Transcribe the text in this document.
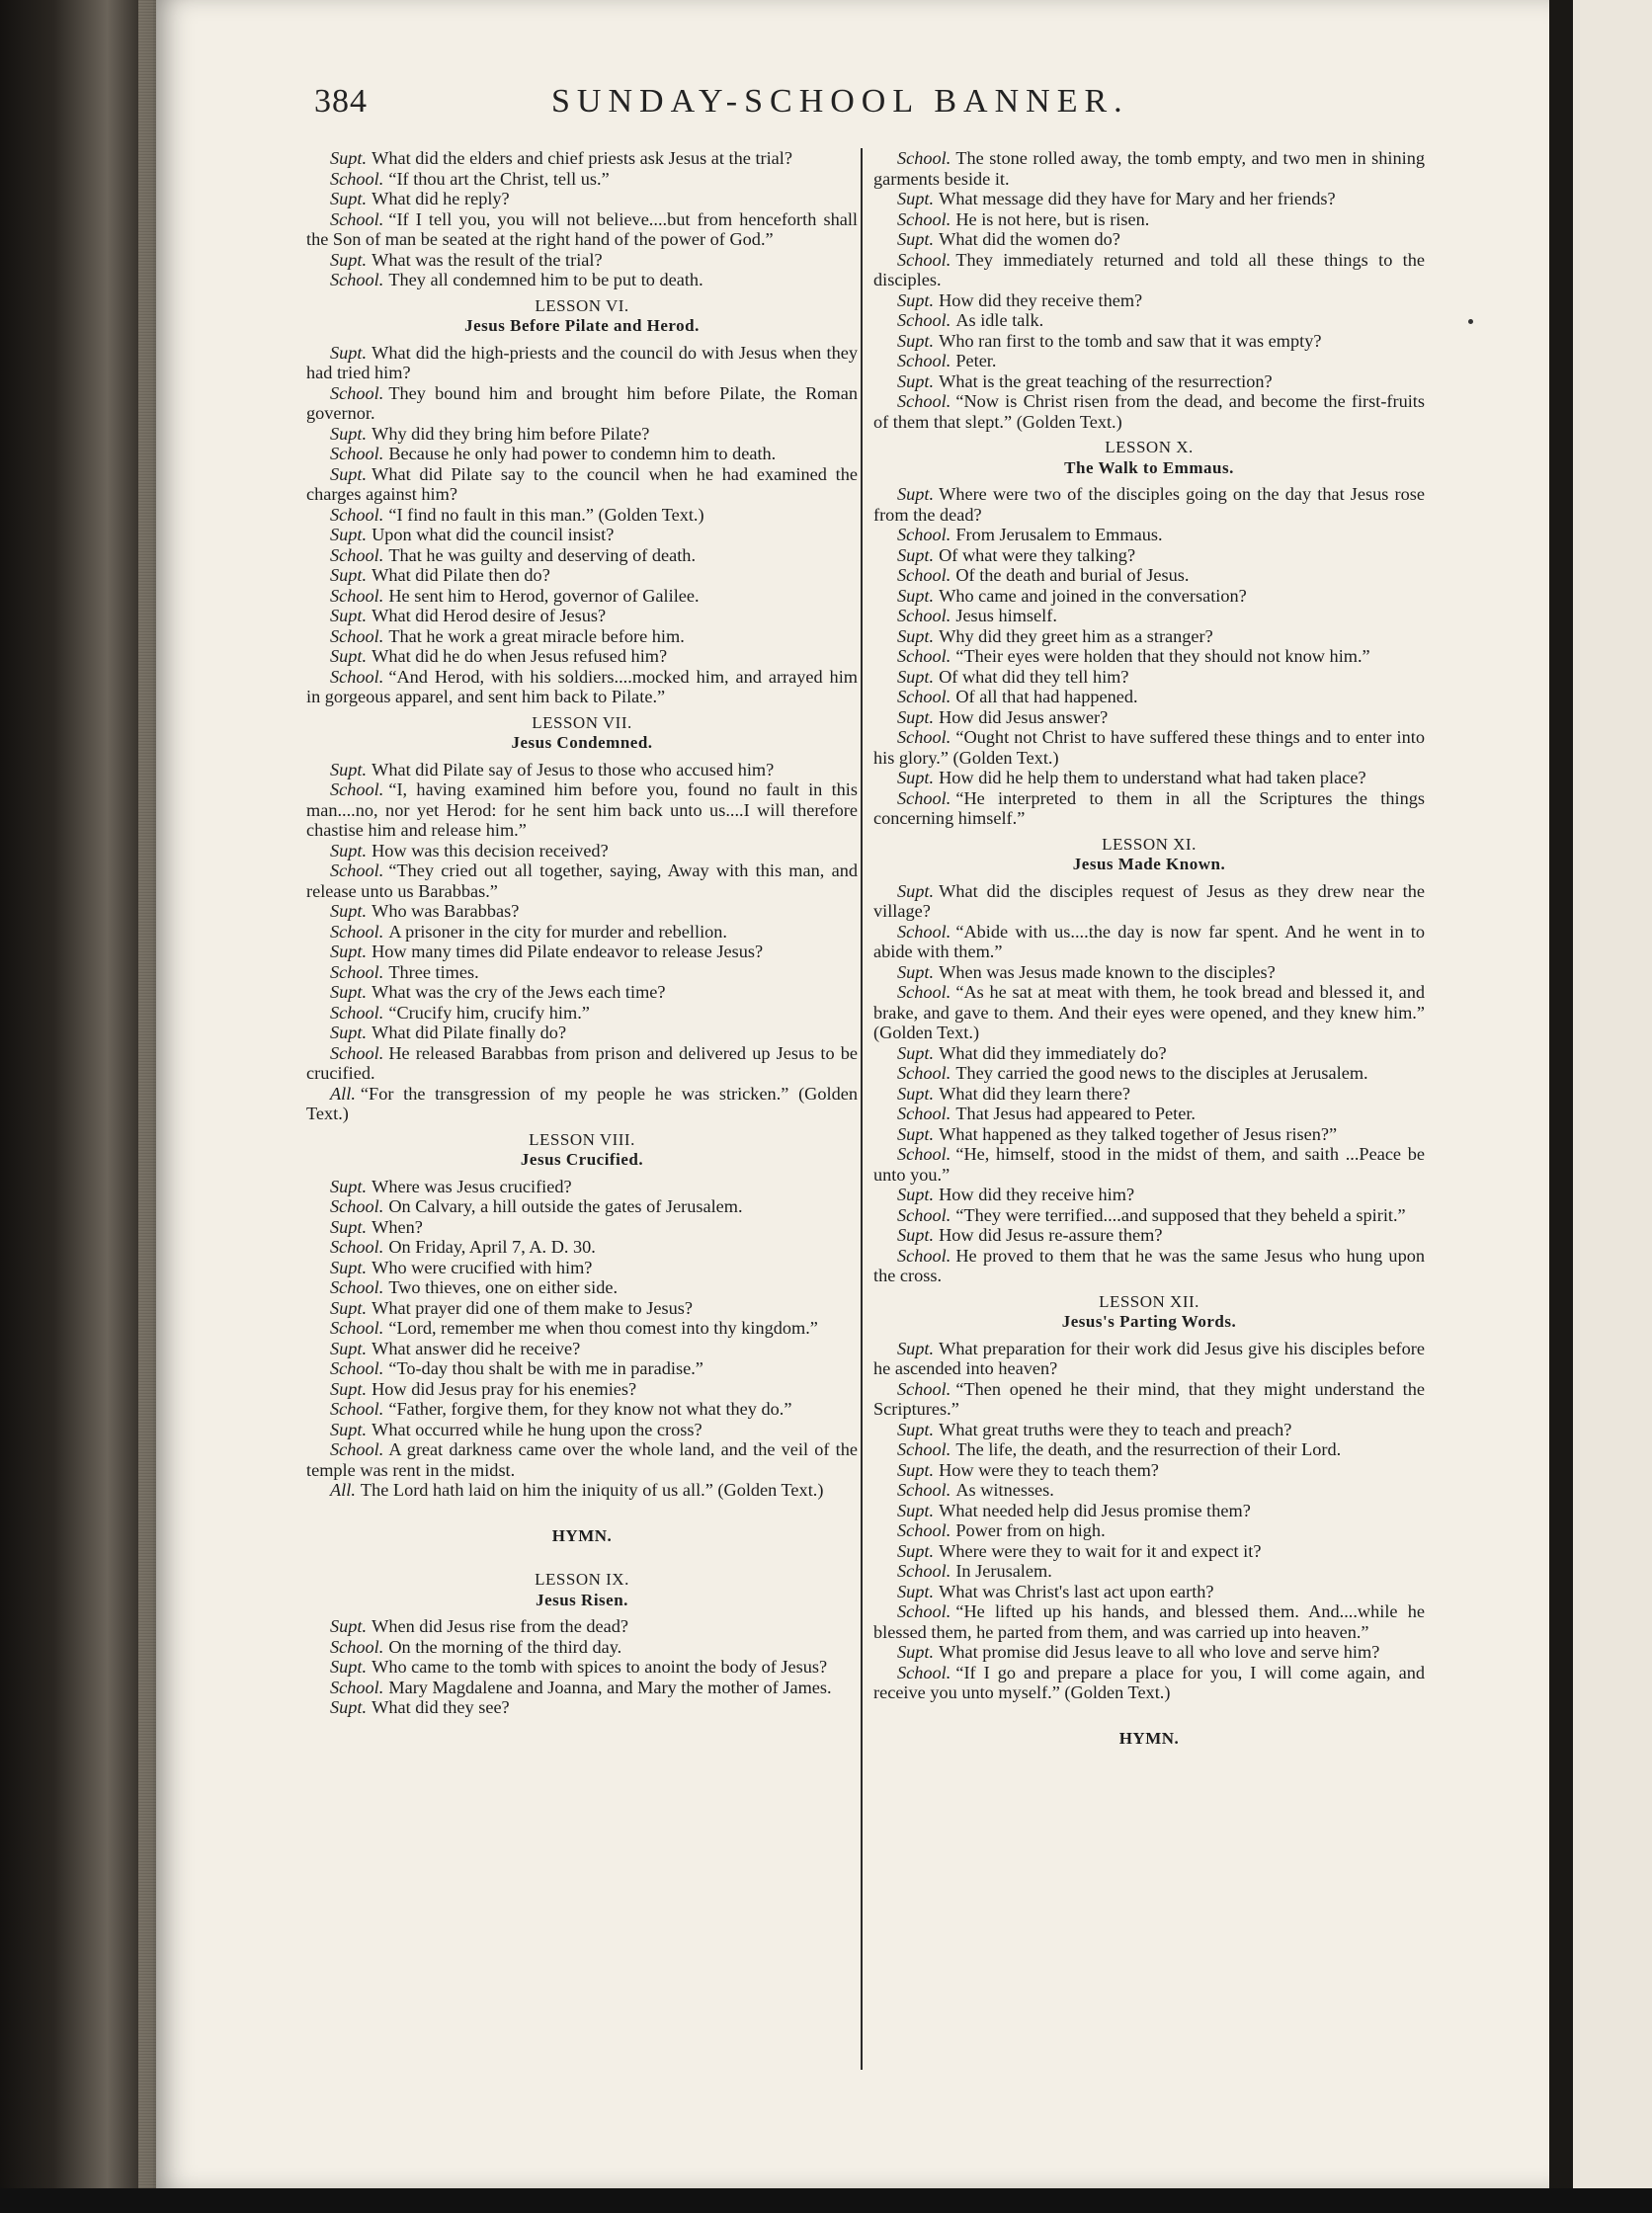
384	SUNDAY-SCHOOL BANNER.

Supt. What did the elders and chief priests ask Jesus at the trial?

School. “If thou art the Christ, tell us.”

Supt. What did he reply?

School. “If I tell you, you will not believe....but from henceforth shall the Son of man be seated at the right hand of the power of God.”

Supt. What was the result of the trial?

School. They all condemned him to be put to death.

LESSON VI.
Jesus Before Pilate and Herod.

Supt. What did the high-priests and the council do with Jesus when they had tried him?

School. They bound him and brought him before Pilate, the Roman governor.

Supt. Why did they bring him before Pilate?

School. Because he only had power to condemn him to death.

Supt. What did Pilate say to the council when he had examined the charges against him?

School. “I find no fault in this man.” (Golden Text.)

Supt. Upon what did the council insist?

School. That he was guilty and deserving of death.

Supt. What did Pilate then do?

School. He sent him to Herod, governor of Galilee.

Supt. What did Herod desire of Jesus?

School. That he work a great miracle before him.

Supt. What did he do when Jesus refused him?

School. “And Herod, with his soldiers....mocked him, and arrayed him in gorgeous apparel, and sent him back to Pilate.”

LESSON VII.
Jesus Condemned.

Supt. What did Pilate say of Jesus to those who accused him?

School. “I, having examined him before you, found no fault in this man....no, nor yet Herod: for he sent him back unto us....I will therefore chastise him and release him.”

Supt. How was this decision received?

School. “They cried out all together, saying, Away with this man, and release unto us Barabbas.”

Supt. Who was Barabbas?

School. A prisoner in the city for murder and rebellion.

Supt. How many times did Pilate endeavor to release Jesus?

School. Three times.

Supt. What was the cry of the Jews each time?

School. “Crucify him, crucify him.”

Supt. What did Pilate finally do?

School. He released Barabbas from prison and delivered up Jesus to be crucified.

All. “For the transgression of my people he was stricken.” (Golden Text.)

LESSON VIII.
Jesus Crucified.

Supt. Where was Jesus crucified?

School. On Calvary, a hill outside the gates of Jerusalem.

Supt. When?

School. On Friday, April 7, A. D. 30.

Supt. Who were crucified with him?

School. Two thieves, one on either side.

Supt. What prayer did one of them make to Jesus?

School. “Lord, remember me when thou comest into thy kingdom.”

Supt. What answer did he receive?

School. “To-day thou shalt be with me in paradise.”

Supt. How did Jesus pray for his enemies?

School. “Father, forgive them, for they know not what they do.”

Supt. What occurred while he hung upon the cross?

School. A great darkness came over the whole land, and the veil of the temple was rent in the midst.

All. The Lord hath laid on him the iniquity of us all.” (Golden Text.)

HYMN.
LESSON IX.
Jesus Risen.

Supt. When did Jesus rise from the dead?

School. On the morning of the third day.

Supt. Who came to the tomb with spices to anoint the body of Jesus?

School. Mary Magdalene and Joanna, and Mary the mother of James.

Supt. What did they see?

School. The stone rolled away, the tomb empty, and two men in shining garments beside it.

Supt. What message did they have for Mary and her friends?

School. He is not here, but is risen.

Supt. What did the women do?

School. They immediately returned and told all these things to the disciples.

Supt. How did they receive them?

School. As idle talk.

Supt. Who ran first to the tomb and saw that it was empty?

School. Peter.

Supt. What is the great teaching of the resurrection?

School. “Now is Christ risen from the dead, and become the first-fruits of them that slept.” (Golden Text.)

LESSON X.
The Walk to Emmaus.

Supt. Where were two of the disciples going on the day that Jesus rose from the dead?

School. From Jerusalem to Emmaus.

Supt. Of what were they talking?

School. Of the death and burial of Jesus.

Supt. Who came and joined in the conversation?

School. Jesus himself.

Supt. Why did they greet him as a stranger?

School. “Their eyes were holden that they should not know him.”

Supt. Of what did they tell him?

School. Of all that had happened.

Supt. How did Jesus answer?

School. “Ought not Christ to have suffered these things and to enter into his glory.” (Golden Text.)

Supt. How did he help them to understand what had taken place?

School. “He interpreted to them in all the Scriptures the things concerning himself.”

LESSON XI.
Jesus Made Known.

Supt. What did the disciples request of Jesus as they drew near the village?

School. “Abide with us....the day is now far spent. And he went in to abide with them.”

Supt. When was Jesus made known to the disciples?

School. “As he sat at meat with them, he took bread and blessed it, and brake, and gave to them. And their eyes were opened, and they knew him.” (Golden Text.)

Supt. What did they immediately do?

School. They carried the good news to the disciples at Jerusalem.

Supt. What did they learn there?

School. That Jesus had appeared to Peter.

Supt. What happened as they talked together of Jesus risen?”

School. “He, himself, stood in the midst of them, and saith ...Peace be unto you.”

Supt. How did they receive him?

School. “They were terrified....and supposed that they beheld a spirit.”

Supt. How did Jesus re-assure them?

School. He proved to them that he was the same Jesus who hung upon the cross.

LESSON XII.
Jesus's Parting Words.

Supt. What preparation for their work did Jesus give his disciples before he ascended into heaven?

School. “Then opened he their mind, that they might understand the Scriptures.”

Supt. What great truths were they to teach and preach?

School. The life, the death, and the resurrection of their Lord.

Supt. How were they to teach them?

School. As witnesses.

Supt. What needed help did Jesus promise them?

School. Power from on high.

Supt. Where were they to wait for it and expect it?

School. In Jerusalem.

Supt. What was Christ's last act upon earth?

School. “He lifted up his hands, and blessed them. And....while he blessed them, he parted from them, and was carried up into heaven.”

Supt. What promise did Jesus leave to all who love and serve him?

School. “If I go and prepare a place for you, I will come again, and receive you unto myself.” (Golden Text.)

HYMN.
